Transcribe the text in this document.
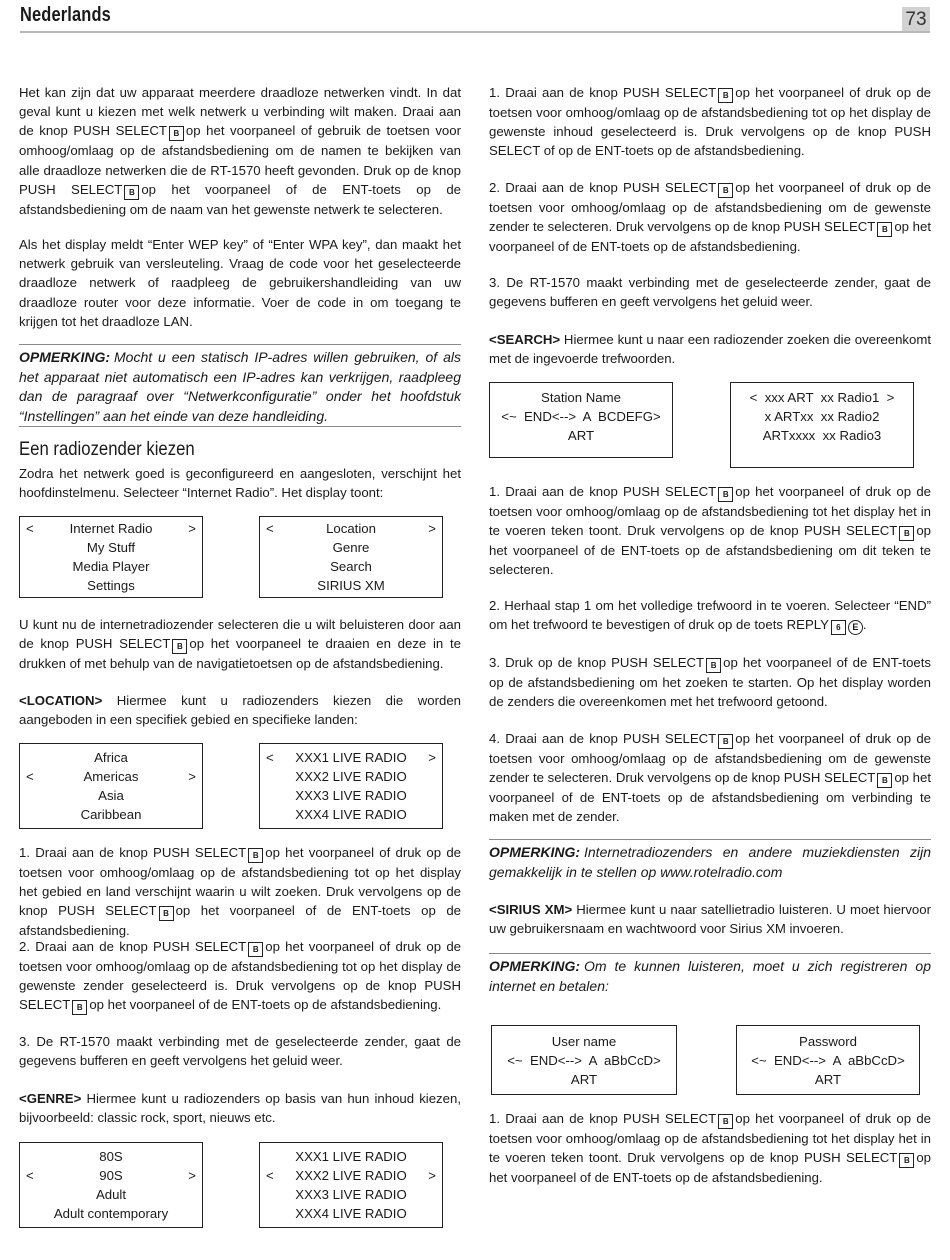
Nederlands	73

Het kan zijn dat uw apparaat meerdere draadloze netwerken vindt. In dat geval kunt u kiezen met welk netwerk u verbinding wilt maken. Draai aan de knop PUSH SELECT B op het voorpaneel of gebruik de toetsen voor omhoog/omlaag op de afstandsbediening om de namen te bekijken van alle draadloze netwerken die de RT-1570 heeft gevonden. Druk op de knop PUSH SELECT B op het voorpaneel of de ENT-toets op de afstandsbediening om de naam van het gewenste netwerk te selecteren.

Als het display meldt “Enter WEP key” of “Enter WPA key”, dan maakt het netwerk gebruik van versleuteling. Vraag de code voor het geselecteerde draadloze netwerk of raadpleeg de gebruikershandleiding van uw draadloze router voor deze informatie. Voer de code in om toegang te krijgen tot het draadloze LAN.

OPMERKING: Mocht u een statisch IP-adres willen gebruiken, of als het apparaat niet automatisch een IP-adres kan verkrijgen, raadpleeg dan de paragraaf over “Netwerkconfiguratie” onder het hoofdstuk “Instellingen” aan het einde van deze handleiding.
Een radiozender kiezen

Zodra het netwerk goed is geconfigureerd en aangesloten, verschijnt het hoofdinstelmenu. Selecteer “Internet Radio”. Het display toont:

<	Internet Radio	>
My Stuff
Media Player
Settings
<	Location	>
Genre
Search
SIRIUS XM

U kunt nu de internetradiozender selecteren die u wilt beluisteren door aan de knop PUSH SELECT B op het voorpaneel te draaien en deze in te drukken of met behulp van de navigatietoetsen op de afstandsbediening.

<LOCATION> Hiermee kunt u radiozenders kiezen die worden aangeboden in een specifiek gebied en specifieke landen:

Africa
<	Americas	>
Asia
Caribbean
< XXX1 LIVE RADIO >
XXX2 LIVE RADIO
XXX3 LIVE RADIO
XXX4 LIVE RADIO

1. Draai aan de knop PUSH SELECT B op het voorpaneel of druk op de toetsen voor omhoog/omlaag op de afstandsbediening tot op het display het gebied en land verschijnt waarin u wilt zoeken. Druk vervolgens op de knop PUSH SELECT B op het voorpaneel of de ENT-toets op de afstandsbediening.

2. Draai aan de knop PUSH SELECT B op het voorpaneel of druk op de toetsen voor omhoog/omlaag op de afstandsbediening tot op het display de gewenste zender geselecteerd is. Druk vervolgens op de knop PUSH SELECT B op het voorpaneel of de ENT-toets op de afstandsbediening.

3. De RT-1570 maakt verbinding met de geselecteerde zender, gaat de gegevens bufferen en geeft vervolgens het geluid weer.

<GENRE> Hiermee kunt u radiozenders op basis van hun inhoud kiezen, bijvoorbeeld: classic rock, sport, nieuws etc.

80S
<	90S	>
Adult
Adult contemporary
XXX1 LIVE RADIO
< XXX2 LIVE RADIO >
XXX3 LIVE RADIO
XXX4 LIVE RADIO

1. Draai aan de knop PUSH SELECT B op het voorpaneel of druk op de toetsen voor omhoog/omlaag op de afstandsbediening tot op het display de gewenste inhoud geselecteerd is. Druk vervolgens op de knop PUSH SELECT of op de ENT-toets op de afstandsbediening.

2. Draai aan de knop PUSH SELECT B op het voorpaneel of druk op de toetsen voor omhoog/omlaag op de afstandsbediening om de gewenste zender te selecteren. Druk vervolgens op de knop PUSH SELECT B op het voorpaneel of de ENT-toets op de afstandsbediening.

3. De RT-1570 maakt verbinding met de geselecteerde zender, gaat de gegevens bufferen en geeft vervolgens het geluid weer.

<SEARCH> Hiermee kunt u naar een radiozender zoeken die overeenkomt met de ingevoerde trefwoorden.

Station Name
<~  END<-->  A  BCDEFG>
ART
<  xxx ART  xx Radio1  >
x ARTxx  xx Radio2
ARTxxxx  xx Radio3

1. Draai aan de knop PUSH SELECT B op het voorpaneel of druk op de toetsen voor omhoog/omlaag op de afstandsbediening tot het display het in te voeren teken toont. Druk vervolgens op de knop PUSH SELECT B op het voorpaneel of de ENT-toets op de afstandsbediening om dit teken te selecteren.

2. Herhaal stap 1 om het volledige trefwoord in te voeren. Selecteer “END” om het trefwoord te bevestigen of druk op de toets REPLY 6 E .

3. Druk op de knop PUSH SELECT B op het voorpaneel of de ENT-toets op de afstandsbediening om het zoeken te starten. Op het display worden de zenders die overeenkomen met het trefwoord getoond.

4. Draai aan de knop PUSH SELECT B op het voorpaneel of druk op de toetsen voor omhoog/omlaag op de afstandsbediening om de gewenste zender te selecteren. Druk vervolgens op de knop PUSH SELECT B op het voorpaneel of de ENT-toets op de afstandsbediening om verbinding te maken met de zender.

OPMERKING: Internetradiozenders en andere muziekdiensten zijn gemakkelijk in te stellen op www.rotelradio.com

<SIRIUS XM> Hiermee kunt u naar satellietradio luisteren. U moet hiervoor uw gebruikersnaam en wachtwoord voor Sirius XM invoeren.

OPMERKING: Om te kunnen luisteren, moet u zich registreren op internet en betalen:
User name
<~  END<-->  A  aBbCcD>
ART
Password
<~  END<-->  A  aBbCcD>
ART

1. Draai aan de knop PUSH SELECT B op het voorpaneel of druk op de toetsen voor omhoog/omlaag op de afstandsbediening tot het display het in te voeren teken toont. Druk vervolgens op de knop PUSH SELECT B op het voorpaneel of de ENT-toets op de afstandsbediening.
